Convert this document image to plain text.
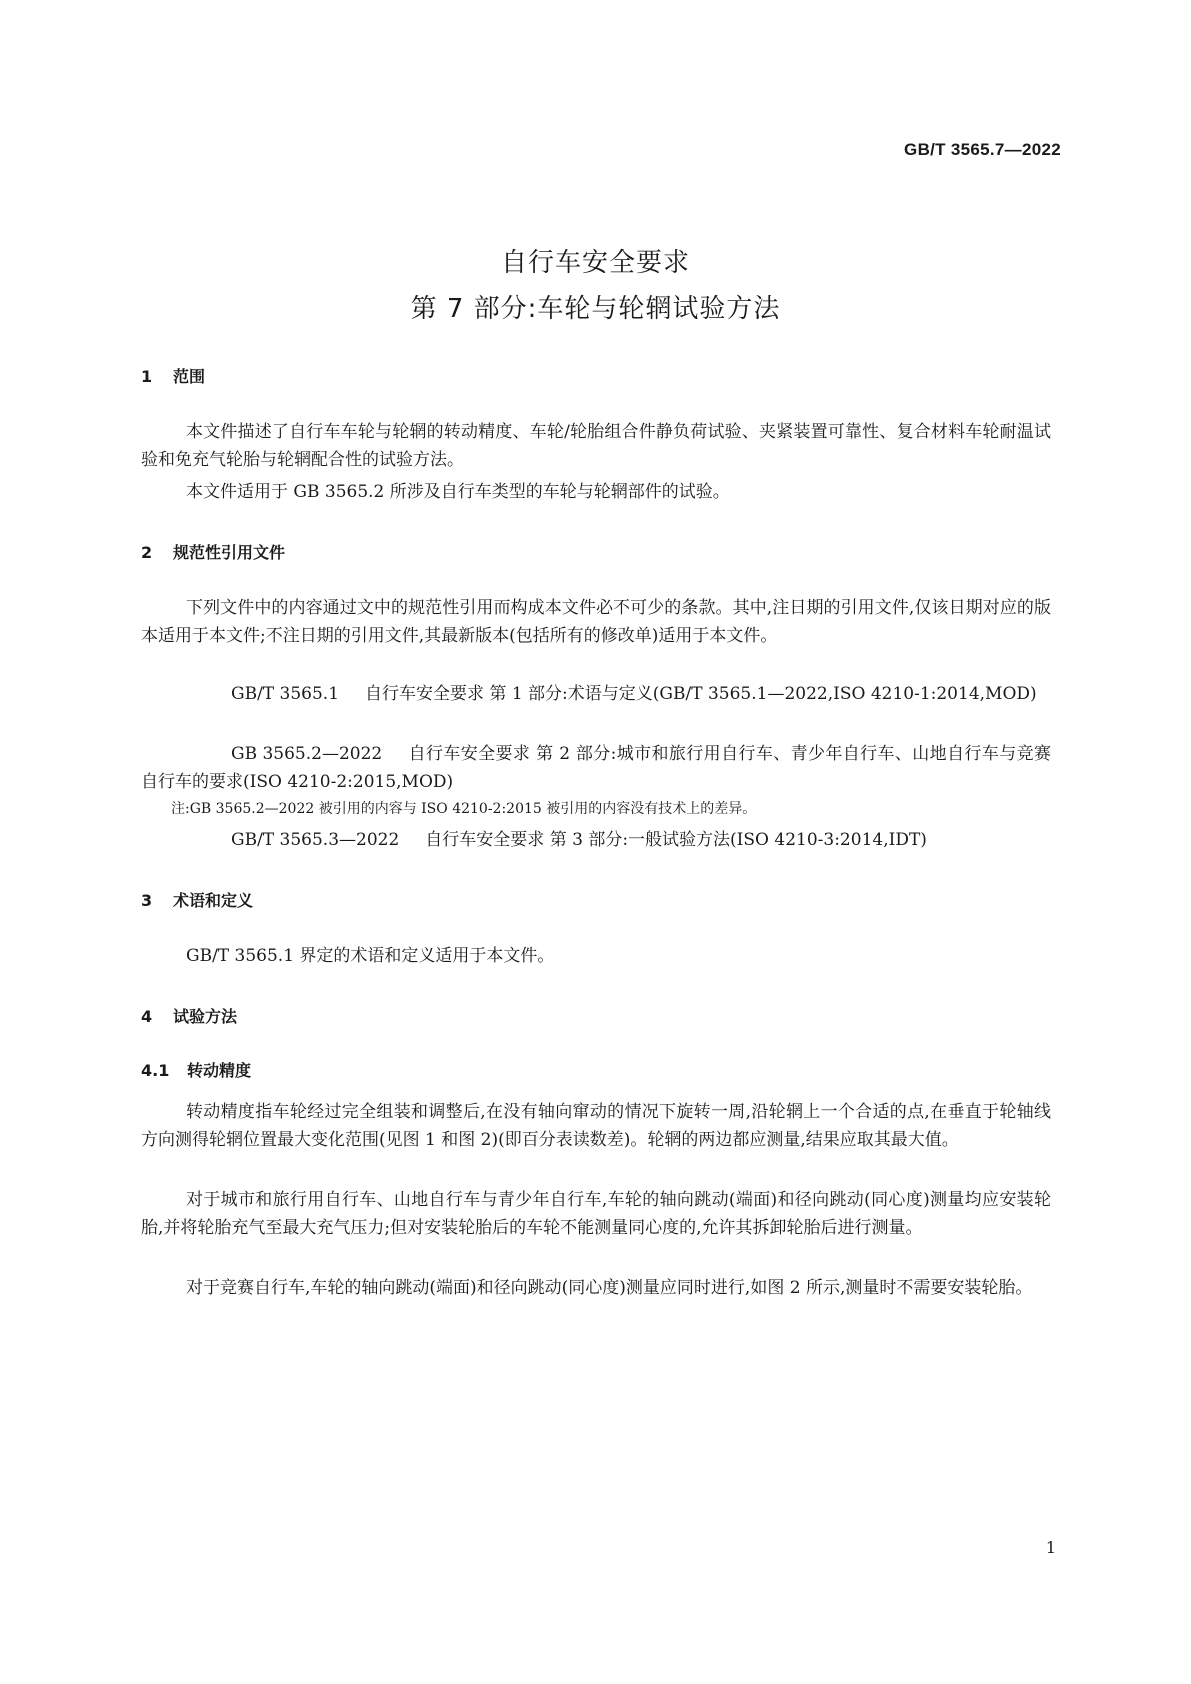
GB/T 3565.7—2022
自行车安全要求
第 7 部分:车轮与轮辋试验方法
1 范围
本文件描述了自行车车轮与轮辋的转动精度、车轮/轮胎组合件静负荷试验、夹紧装置可靠性、复合材料车轮耐温试验和免充气轮胎与轮辋配合性的试验方法。
本文件适用于 GB 3565.2 所涉及自行车类型的车轮与轮辋部件的试验。
2 规范性引用文件
下列文件中的内容通过文中的规范性引用而构成本文件必不可少的条款。其中,注日期的引用文件,仅该日期对应的版本适用于本文件;不注日期的引用文件,其最新版本(包括所有的修改单)适用于本文件。
GB/T 3565.1 自行车安全要求 第 1 部分:术语与定义(GB/T 3565.1—2022,ISO 4210-1:2014,MOD)
GB 3565.2—2022 自行车安全要求 第 2 部分:城市和旅行用自行车、青少年自行车、山地自行车与竞赛自行车的要求(ISO 4210-2:2015,MOD)
注:GB 3565.2—2022 被引用的内容与 ISO 4210-2:2015 被引用的内容没有技术上的差异。
GB/T 3565.3—2022 自行车安全要求 第 3 部分:一般试验方法(ISO 4210-3:2014,IDT)
3 术语和定义
GB/T 3565.1 界定的术语和定义适用于本文件。
4 试验方法
4.1 转动精度
转动精度指车轮经过完全组装和调整后,在没有轴向窜动的情况下旋转一周,沿轮辋上一个合适的点,在垂直于轮轴线方向测得轮辋位置最大变化范围(见图 1 和图 2)(即百分表读数差)。轮辋的两边都应测量,结果应取其最大值。
对于城市和旅行用自行车、山地自行车与青少年自行车,车轮的轴向跳动(端面)和径向跳动(同心度)测量均应安装轮胎,并将轮胎充气至最大充气压力;但对安装轮胎后的车轮不能测量同心度的,允许其拆卸轮胎后进行测量。
对于竞赛自行车,车轮的轴向跳动(端面)和径向跳动(同心度)测量应同时进行,如图 2 所示,测量时不需要安装轮胎。
1
